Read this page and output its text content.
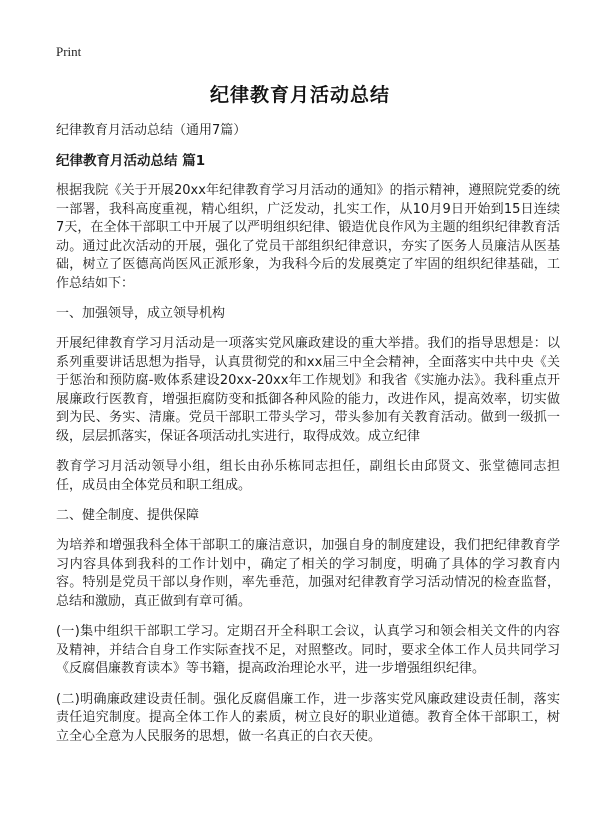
Print
纪律教育月活动总结

纪律教育月活动总结（通用7篇）

纪律教育月活动总结 篇1

根据我院《关于开展20xx年纪律教育学习月活动的通知》的指示精神，遵照院党委的统一部署，我科高度重视，精心组织，广泛发动，扎实工作，从10月9日开始到15日连续7天，在全体干部职工中开展了以严明组织纪律、锻造优良作风为主题的组织纪律教育活动。通过此次活动的开展，强化了党员干部组织纪律意识，夯实了医务人员廉洁从医基础，树立了医德高尚医风正派形象，为我科今后的发展奠定了牢固的组织纪律基础，工作总结如下：

一、加强领导，成立领导机构

开展纪律教育学习月活动是一项落实党风廉政建设的重大举措。我们的指导思想是：以系列重要讲话思想为指导，认真贯彻党的和xx届三中全会精神，全面落实中共中央《关于惩治和预防腐-败体系建设20xx-20xx年工作规划》和我省《实施办法》。我科重点开展廉政行医教育，增强拒腐防变和抵御各种风险的能力，改进作风，提高效率，切实做到为民、务实、清廉。党员干部职工带头学习，带头参加有关教育活动。做到一级抓一级，层层抓落实，保证各项活动扎实进行，取得成效。成立纪律

教育学习月活动领导小组，组长由孙乐栋同志担任，副组长由邱贤文、张堂德同志担任，成员由全体党员和职工组成。

二、健全制度、提供保障

为培养和增强我科全体干部职工的廉洁意识，加强自身的制度建设，我们把纪律教育学习内容具体到我科的工作计划中，确定了相关的学习制度，明确了具体的学习教育内容。特别是党员干部以身作则，率先垂范，加强对纪律教育学习活动情况的检查监督，总结和激励，真正做到有章可循。

(一)集中组织干部职工学习。定期召开全科职工会议，认真学习和领会相关文件的内容及精神，并结合自身工作实际查找不足，对照整改。同时，要求全体工作人员共同学习《反腐倡廉教育读本》等书籍，提高政治理论水平，进一步增强组织纪律。

(二)明确廉政建设责任制。强化反腐倡廉工作，进一步落实党风廉政建设责任制，落实责任追究制度。提高全体工作人的素质，树立良好的职业道德。教育全体干部职工，树立全心全意为人民服务的思想，做一名真正的白衣天使。
